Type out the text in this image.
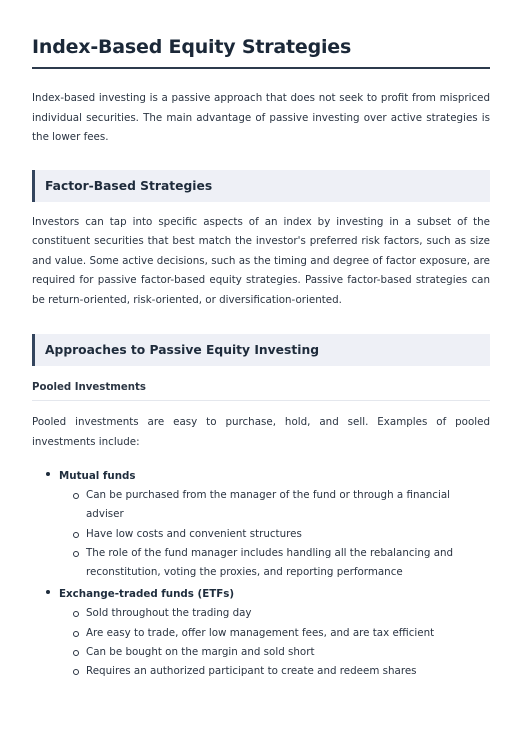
Index-Based Equity Strategies

Index-based investing is a passive approach that does not seek to profit from mispriced individual securities. The main advantage of passive investing over active strategies is the lower fees.

Factor-Based Strategies

Investors can tap into specific aspects of an index by investing in a subset of the constituent securities that best match the investor's preferred risk factors, such as size and value. Some active decisions, such as the timing and degree of factor exposure, are required for passive factor-based equity strategies. Passive factor-based strategies can be return-oriented, risk-oriented, or diversification-oriented.

Approaches to Passive Equity Investing
Pooled Investments

Pooled investments are easy to purchase, hold, and sell. Examples of pooled investments include:

Mutual funds
Can be purchased from the manager of the fund or through a financial adviser
Have low costs and convenient structures
The role of the fund manager includes handling all the rebalancing and reconstitution, voting the proxies, and reporting performance
Exchange-traded funds (ETFs)
Sold throughout the trading day
Are easy to trade, offer low management fees, and are tax efficient
Can be bought on the margin and sold short
Requires an authorized participant to create and redeem shares
